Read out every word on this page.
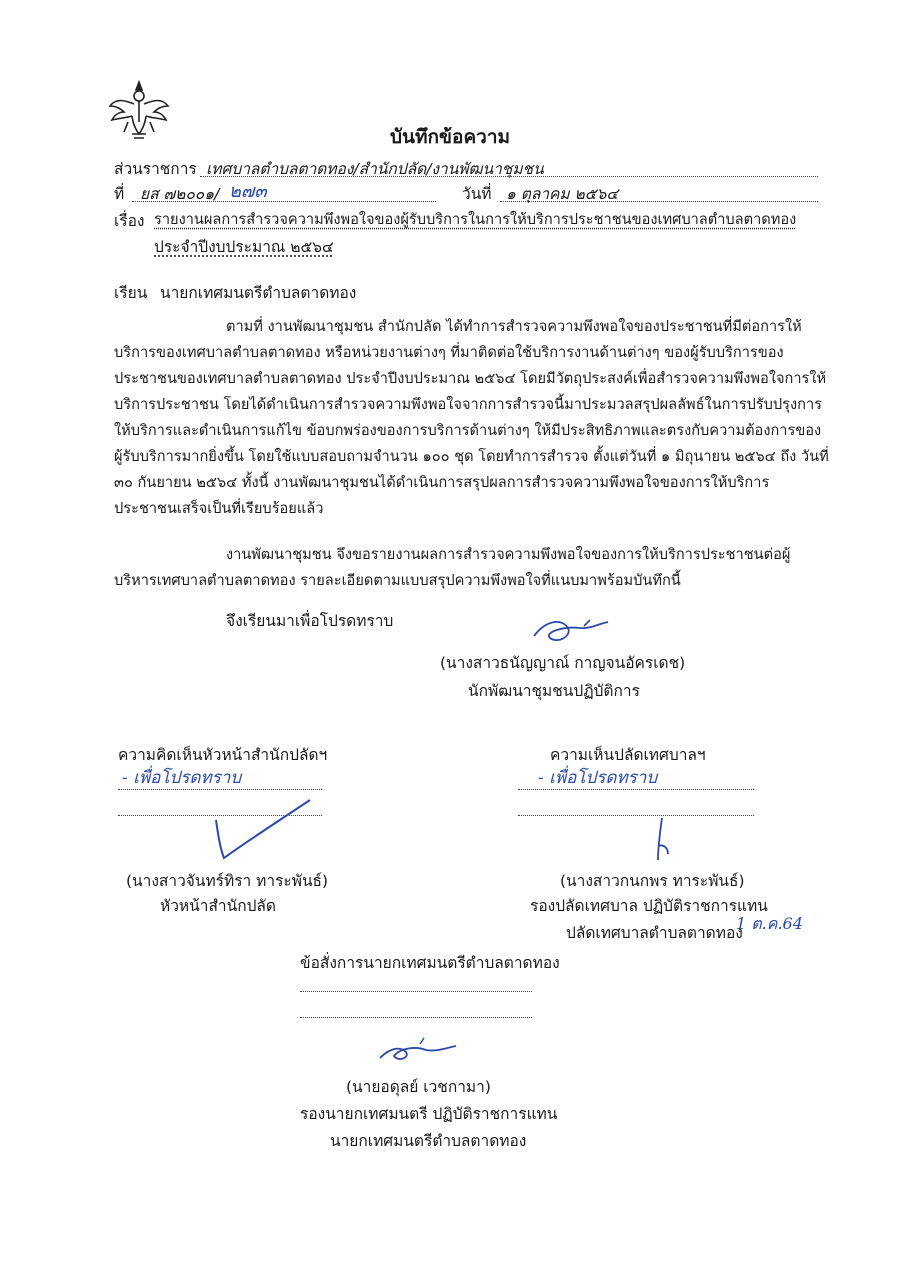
บันทึกข้อความ
ส่วนราชการ เทศบาลตำบลตาดทอง/สำนักปลัด/งานพัฒนาชุมชน
ที่ ยส ๗๒๐๐๑/ ๒๗๓	วันที่ ๑ ตุลาคม ๒๕๖๔
เรื่อง รายงานผลการสำรวจความพึงพอใจของผู้รับบริการในการให้บริการประชาชนของเทศบาลตำบลตาดทอง
ประจำปีงบประมาณ ๒๕๖๔
เรียน นายกเทศมนตรีตำบลตาดทอง

ตามที่ งานพัฒนาชุมชน สำนักปลัด ได้ทำการสำรวจความพึงพอใจของประชาชนที่มีต่อการให้บริการของเทศบาลตำบลตาดทอง หรือหน่วยงานต่างๆ ที่มาติดต่อใช้บริการงานด้านต่างๆ ของผู้รับบริการของประชาชนของเทศบาลตำบลตาดทอง ประจำปีงบประมาณ ๒๕๖๔ โดยมีวัตถุประสงค์เพื่อสำรวจความพึงพอใจการให้บริการประชาชน โดยได้ดำเนินการสำรวจความพึงพอใจจากการสำรวจนี้มาประมวลสรุปผลลัพธ์ในการปรับปรุงการให้บริการและดำเนินการแก้ไข ข้อบกพร่องของการบริการด้านต่างๆ ให้มีประสิทธิภาพและตรงกับความต้องการของผู้รับบริการมากยิ่งขึ้น โดยใช้แบบสอบถามจำนวน ๑๐๐ ชุด โดยทำการสำรวจ ตั้งแต่วันที่ ๑ มิถุนายน ๒๕๖๔ ถึง วันที่ ๓๐ กันยายน ๒๕๖๔ ทั้งนี้ งานพัฒนาชุมชนได้ดำเนินการสรุปผลการสำรวจความพึงพอใจของการให้บริการประชาชนเสร็จเป็นที่เรียบร้อยแล้ว

งานพัฒนาชุมชน จึงขอรายงานผลการสำรวจความพึงพอใจของการให้บริการประชาชนต่อผู้บริหารเทศบาลตำบลตาดทอง รายละเอียดตามแบบสรุปความพึงพอใจที่แนบมาพร้อมบันทึกนี้

จึงเรียนมาเพื่อโปรดทราบ
(นางสาวธนัญญาณ์ กาญจนอัครเดช)
นักพัฒนาชุมชนปฏิบัติการ
ความคิดเห็นหัวหน้าสำนักปลัดฯ
- เพื่อโปรดทราบ
(นางสาวจันทร์ทิรา ทาระพันธ์)
หัวหน้าสำนักปลัด
ความเห็นปลัดเทศบาลฯ
- เพื่อโปรดทราบ
(นางสาวกนกพร ทาระพันธ์)
รองปลัดเทศบาล ปฏิบัติราชการแทน
ปลัดเทศบาลตำบลตาดทอง
1 ต.ค.64
ข้อสั่งการนายกเทศมนตรีตำบลตาดทอง
(นายอดุลย์ เวชกามา)
รองนายกเทศมนตรี ปฏิบัติราชการแทน
นายกเทศมนตรีตำบลตาดทอง
